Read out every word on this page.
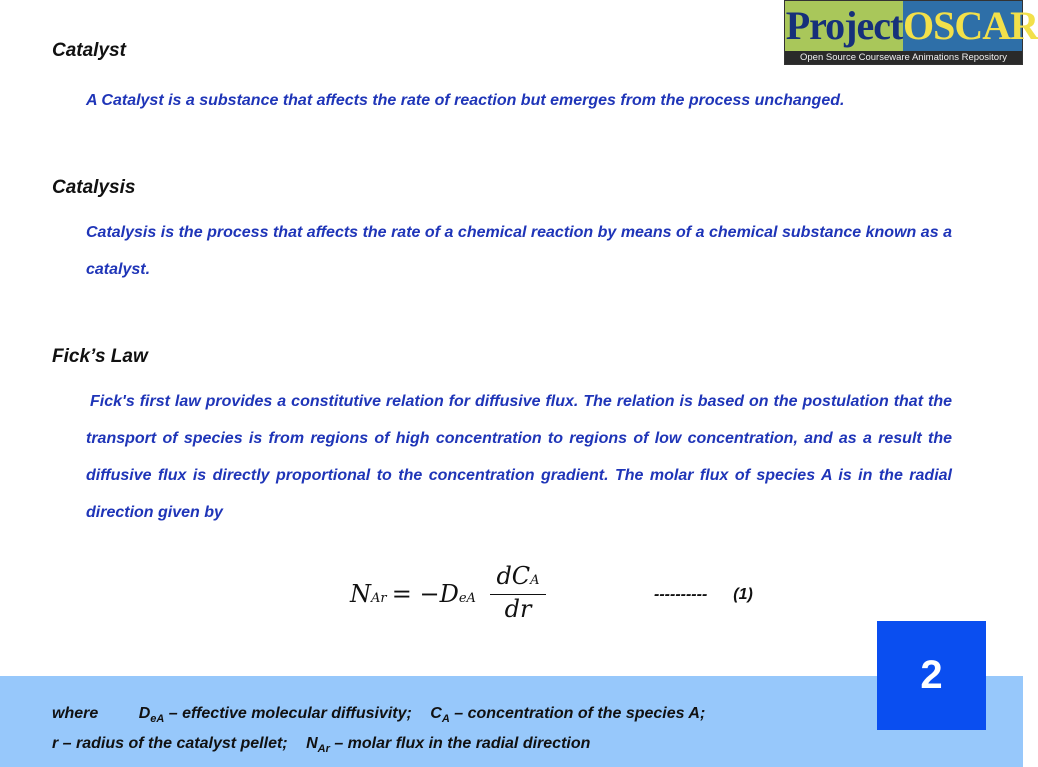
Project OSCAR
Open Source Courseware Animations Repository
Catalyst
A Catalyst is a substance that affects the rate of reaction but emerges from the process unchanged.
Catalysis
Catalysis is the process that affects the rate of a chemical reaction by means of a chemical substance known as a catalyst.
Fick’s Law
Fick's first law provides a constitutive relation for diffusive flux. The relation is based on the postulation that the transport of species is from regions of high concentration to regions of low concentration, and as a result the diffusive flux is directly proportional to the concentration gradient. The molar flux of species A is in the radial direction given by
NAr = −DeA
dCA
dr
---------- (1)
where	$D_{eA}$ – effective molecular diffusivity; $C_A$ – concentration of the species A;
r – radius of the catalyst pellet; $N_{Ar}$ – molar flux in the radial direction
2
